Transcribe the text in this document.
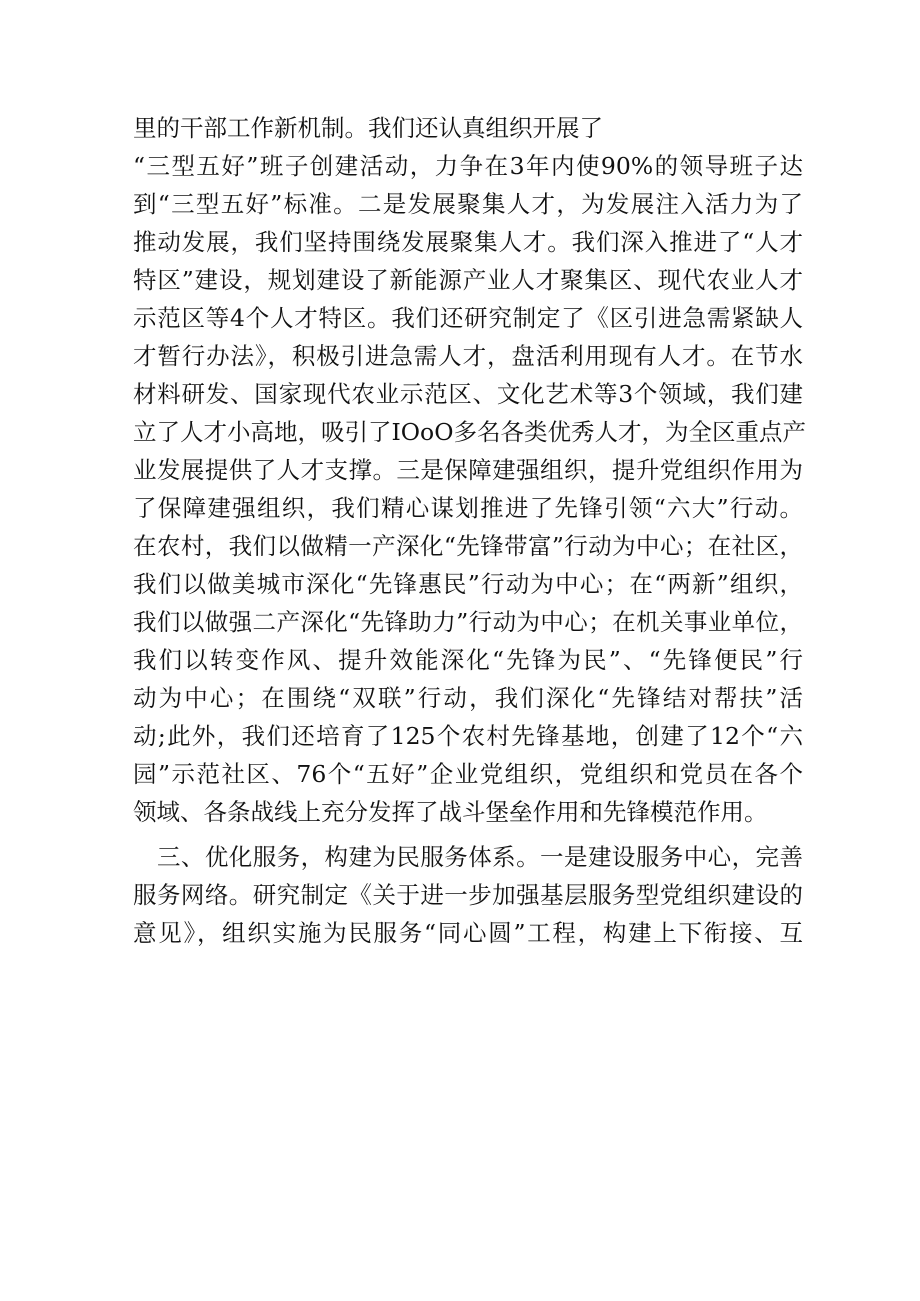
里的干部工作新机制。我们还认真组织开展了
“三型五好”班子创建活动，力争在3年内使90%的领导班子达
到“三型五好”标准。二是发展聚集人才，为发展注入活力为了
推动发展，我们坚持围绕发展聚集人才。我们深入推进了“人才
特区”建设，规划建设了新能源产业人才聚集区、现代农业人才
示范区等4个人才特区。我们还研究制定了《区引进急需紧缺人
才暂行办法》，积极引进急需人才，盘活利用现有人才。在节水
材料研发、国家现代农业示范区、文化艺术等3个领域，我们建
立了人才小高地，吸引了IOoO多名各类优秀人才，为全区重点产
业发展提供了人才支撑。三是保障建强组织，提升党组织作用为
了保障建强组织，我们精心谋划推进了先锋引领“六大”行动。
在农村，我们以做精一产深化“先锋带富”行动为中心；在社区，
我们以做美城市深化“先锋惠民”行动为中心；在“两新”组织，
我们以做强二产深化“先锋助力”行动为中心；在机关事业单位，
我们以转变作风、提升效能深化“先锋为民”、“先锋便民”行
动为中心；在围绕“双联”行动，我们深化“先锋结对帮扶”活
动;此外，我们还培育了125个农村先锋基地，创建了12个“六
园”示范社区、76个“五好”企业党组织，党组织和党员在各个
领域、各条战线上充分发挥了战斗堡垒作用和先锋模范作用。
　三、优化服务，构建为民服务体系。一是建设服务中心，完善
服务网络。研究制定《关于进一步加强基层服务型党组织建设的
意见》，组织实施为民服务“同心圆”工程，构建上下衔接、互
